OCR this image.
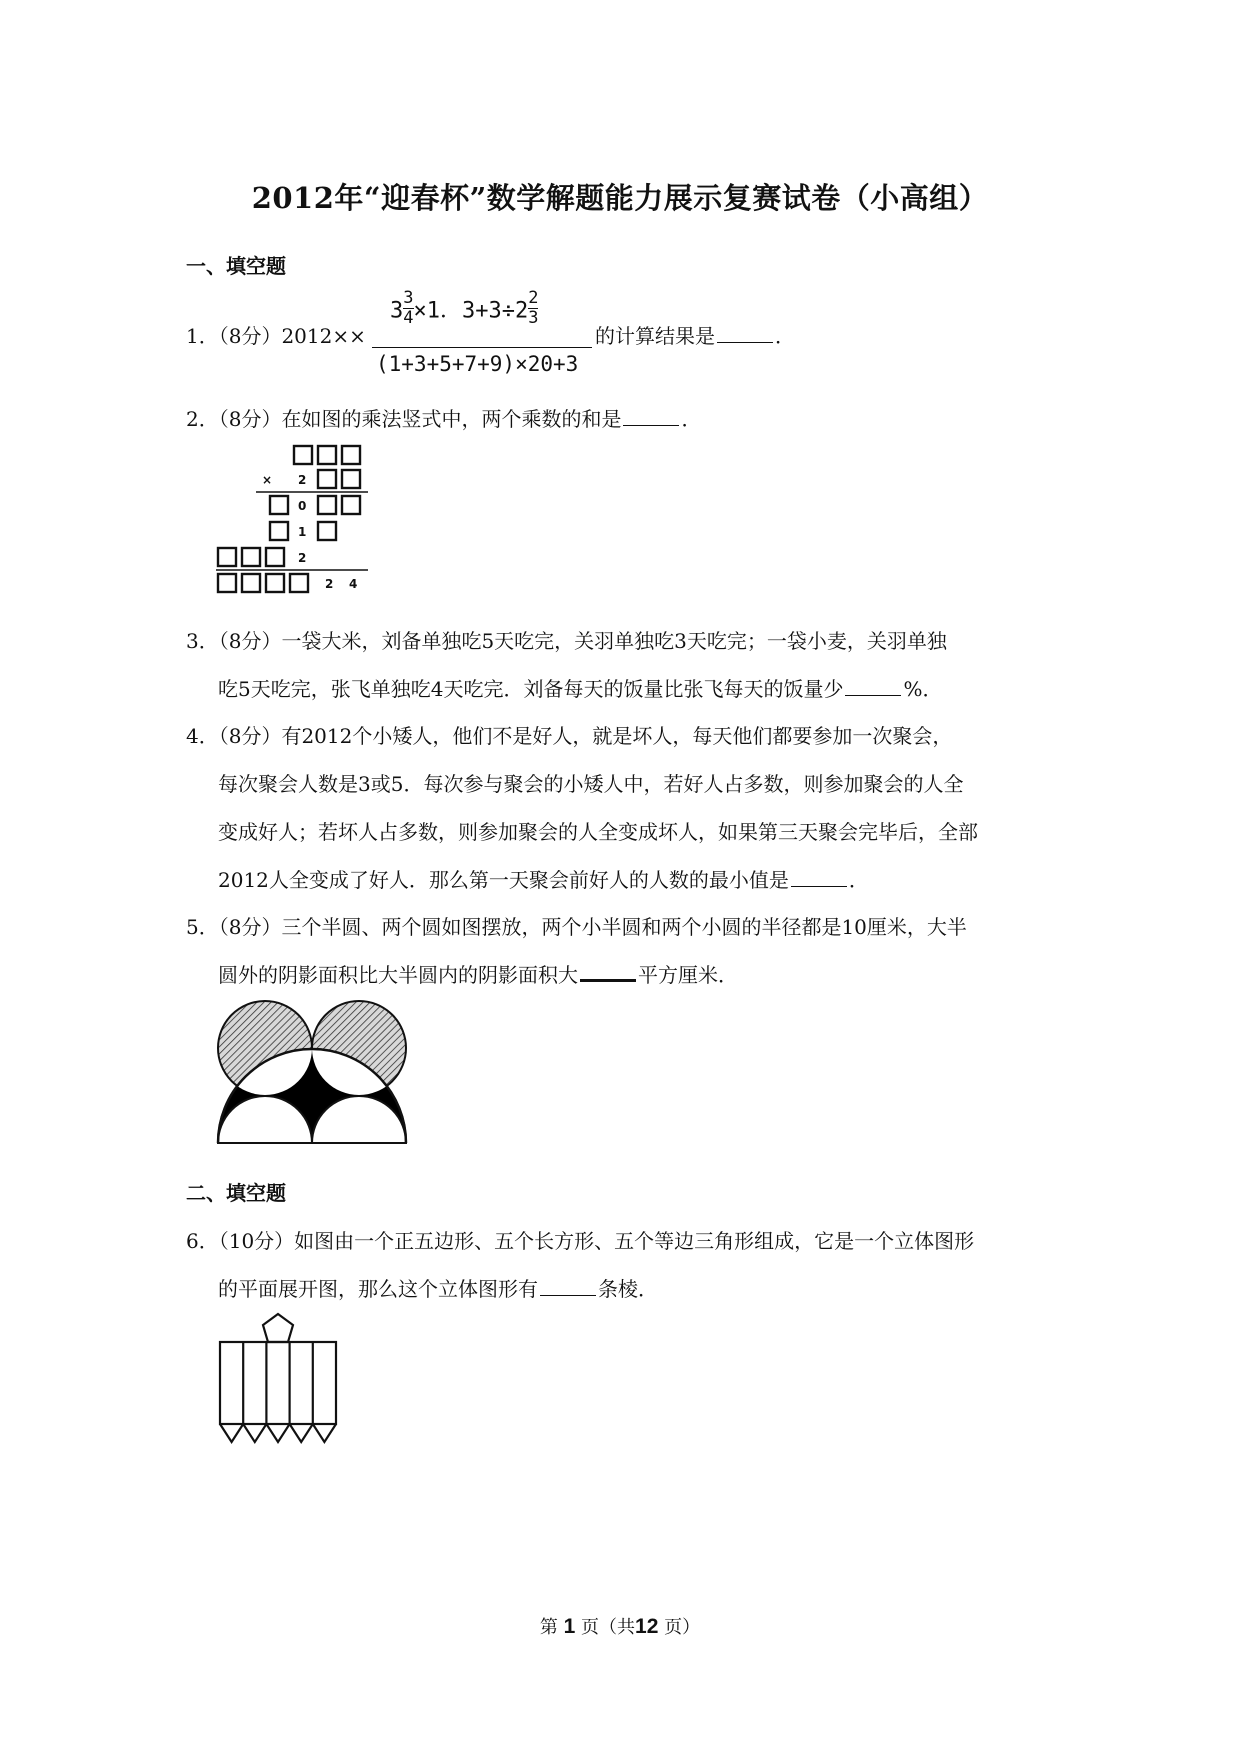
2012年“迎春杯”数学解题能力展示复赛试卷（小高组）
一、填空题
1．（8分）2012××
$3 \frac{3}{4} \times 1$．$3+3\div 2 \frac{2}{3}$
(1+3+5+7+9)×20+3
的计算结果是	．
2．（8分）在如图的乘法竖式中，两个乘数的和是	．
× 2
0
1
2
2 4
3．（8分）一袋大米，刘备单独吃5天吃完，关羽单独吃3天吃完；一袋小麦，关羽单独
吃5天吃完，张飞单独吃4天吃完．刘备每天的饭量比张飞每天的饭量少	%．
4．（8分）有2012个小矮人，他们不是好人，就是坏人，每天他们都要参加一次聚会，
每次聚会人数是3或5．每次参与聚会的小矮人中，若好人占多数，则参加聚会的人全
变成好人；若坏人占多数，则参加聚会的人全变成坏人，如果第三天聚会完毕后，全部
2012人全变成了好人．那么第一天聚会前好人的人数的最小值是	．
5．（8分）三个半圆、两个圆如图摆放，两个小半圆和两个小圆的半径都是10厘米，大半
圆外的阴影面积比大半圆内的阴影面积大	平方厘米．
二、填空题
6．（10分）如图由一个正五边形、五个长方形、五个等边三角形组成，它是一个立体图形
的平面展开图，那么这个立体图形有	条棱．
第 1 页（共12 页）
